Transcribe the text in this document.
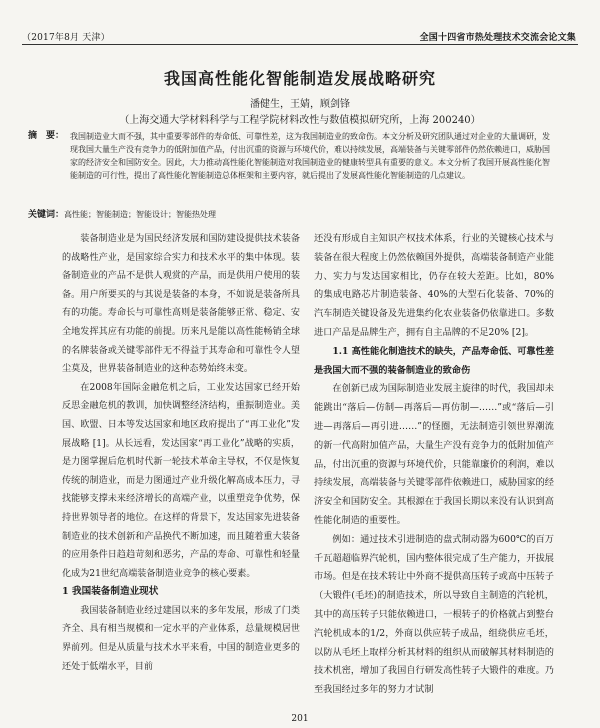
（2017年8月 天津）	全国十四省市热处理技术交流会论文集
我国高性能化智能制造发展战略研究
潘健生，王婧，顾剑锋
（上海交通大学材料科学与工程学院材料改性与数值模拟研究所，上海 200240）
摘　要： 我国制造业大而不强，其中重要零部件的寿命低、可靠性差，这为我国制造业的致命伤。本文分析及研究团队通过对企业的大量调研，发现我国大量生产没有竞争力的低附加值产品，付出沉重的资源与环境代价，难以持续发展，高端装备与关键零部件仍然依赖进口，威胁国家的经济安全和国防安全。因此，大力推动高性能化智能制造对我国制造业的健康转型具有重要的意义。本文分析了我国开展高性能化智能制造的可行性，提出了高性能化智能制造总体框架和主要内容，就后提出了发展高性能化智能制造的几点建议。
关键词：高性能；智能制造；智能设计；智能热处理

装备制造业是为国民经济发展和国防建设提供技术装备的战略性产业，是国家综合实力和技术水平的集中体现。装备制造业的产品不是供人观赏的产品，而是供用户使用的装备。用户所要买的与其说是装备的本身，不如说是装备所具有的功能。寿命长与可靠性高则是装备能够正常、稳定、安全地发挥其应有功能的前提。历来凡是能以高性能畅销全球的名牌装备或关键零部件无不得益于其寿命和可靠性令人望尘莫及，世界装备制造业的这种态势始终未变。

在2008年国际金融危机之后，工业发达国家已经开始反思金融危机的教训，加快调整经济结构，重振制造业。美国、欧盟、日本等发达国家和地区政府提出了“再工业化”发展战略 [1]。从长远看，发达国家“再工业化”战略的实质，是力图掌握后危机时代新一轮技术革命主导权，不仅是恢复传统的制造业，而是力图通过产业升级化解高成本压力，寻找能够支撑未来经济增长的高端产业，以重塑竞争优势，保持世界领导者的地位。在这样的背景下，发达国家先进装备制造业的技术创新和产品换代不断加速，而且随着重大装备的应用条件日趋趋苛刻和恶劣，产品的寿命、可靠性和轻量化成为21世纪高端装备制造业竞争的核心要素。

1 我国装备制造业现状

我国装备制造业经过建国以来的多年发展，形成了门类齐全、具有相当规模和一定水平的产业体系，总量规模居世界前列。但是从质量与技术水平来看，中国的制造业更多的还处于低端水平，目前

还没有形成自主知识产权技术体系，行业的关键核心技术与装备在很大程度上仍然依赖国外提供，高端装备制造产业能力、实力与发达国家相比，仍存在较大差距。比如，80%的集成电路芯片制造装备、40%的大型石化装备、70%的汽车制造关键设备及先进集约化农业装备仍依靠进口。多数进口产品是品牌生产，拥有自主品牌的不足20% [2]。

1.1 高性能化制造技术的缺失，产品寿命低、可靠性差是我国大而不强的装备制造业的致命伤

在创新已成为国际制造业发展主旋律的时代，我国却未能跳出“落后—仿制—再落后—再仿制—……”或“落后—引进—再落后—再引进……”的怪圈，无法制造引领世界潮流的新一代高附加值产品，大量生产没有竞争力的低附加值产品，付出沉重的资源与环境代价，只能靠廉价的利润，难以持续发展，高端装备与关键零部件依赖进口，威胁国家的经济安全和国防安全。其根源在于我国长期以来没有认识到高性能化制造的重要性。

例如：通过技术引进制造的盘式制动器为600℃的百万千瓦超超临界汽轮机，国内整体很完成了生产能力，开拔展市场。但是在技术转让中外商不提供高压转子或高中压转子（大锻件(毛坯)的制造技术，所以导致自主制造的汽轮机，其中的高压转子只能依赖进口，一根转子的价格就占到整台汽轮机成本的1/2，外商以供应转子成品，组绕供应毛坯，以防从毛坯上取样分析其材料的组织从而破解其材料制造的技术机密，增加了我国自行研发高性转子大锻件的难度。乃至我国经过多年的努力才试制

201
